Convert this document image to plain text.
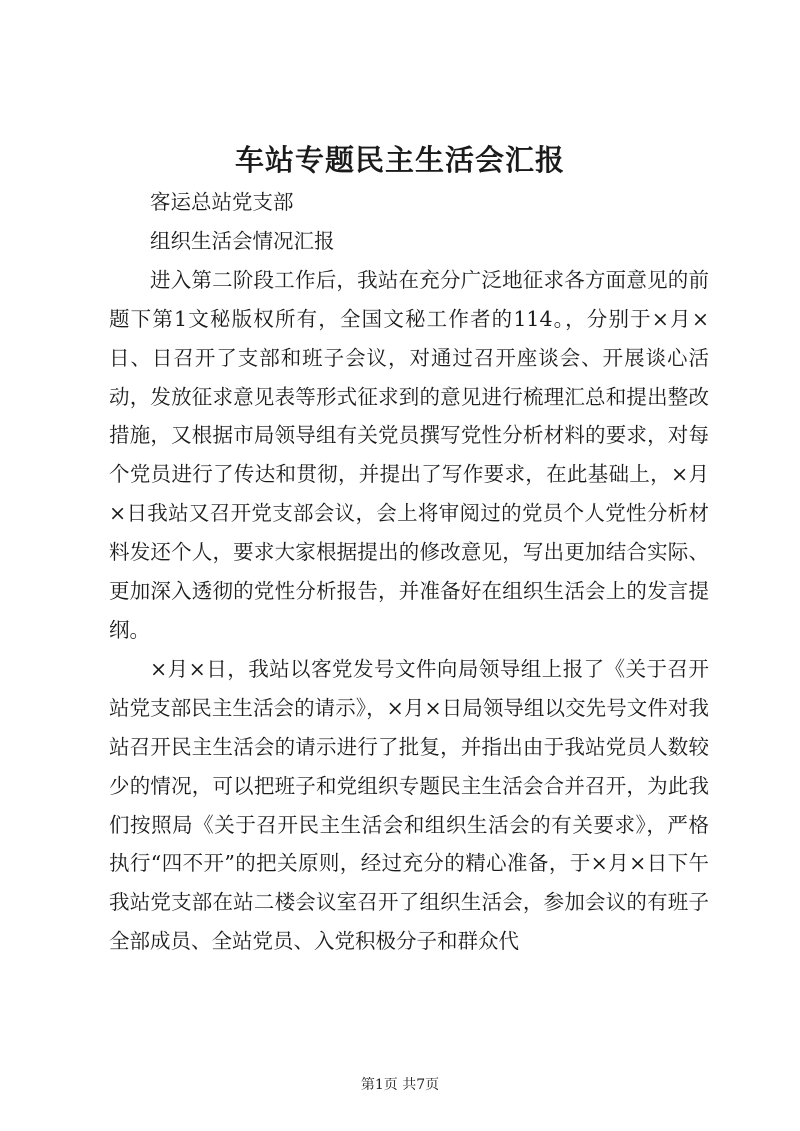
车站专题民主生活会汇报

客运总站党支部

组织生活会情况汇报

进入第二阶段工作后，我站在充分广泛地征求各方面意见的前题下第1文秘版权所有，全国文秘工作者的114。，分别于×月×日、日召开了支部和班子会议，对通过召开座谈会、开展谈心活动，发放征求意见表等形式征求到的意见进行梳理汇总和提出整改措施，又根据市局领导组有关党员撰写党性分析材料的要求，对每个党员进行了传达和贯彻，并提出了写作要求，在此基础上，×月×日我站又召开党支部会议，会上将审阅过的党员个人党性分析材料发还个人，要求大家根据提出的修改意见，写出更加结合实际、更加深入透彻的党性分析报告，并准备好在组织生活会上的发言提纲。

×月×日，我站以客党发号文件向局领导组上报了《关于召开站党支部民主生活会的请示》，×月×日局领导组以交先号文件对我站召开民主生活会的请示进行了批复，并指出由于我站党员人数较少的情况，可以把班子和党组织专题民主生活会合并召开，为此我们按照局《关于召开民主生活会和组织生活会的有关要求》，严格执行“四不开”的把关原则，经过充分的精心准备，于×月×日下午我站党支部在站二楼会议室召开了组织生活会，参加会议的有班子全部成员、全站党员、入党积极分子和群众代

第1页 共7页
